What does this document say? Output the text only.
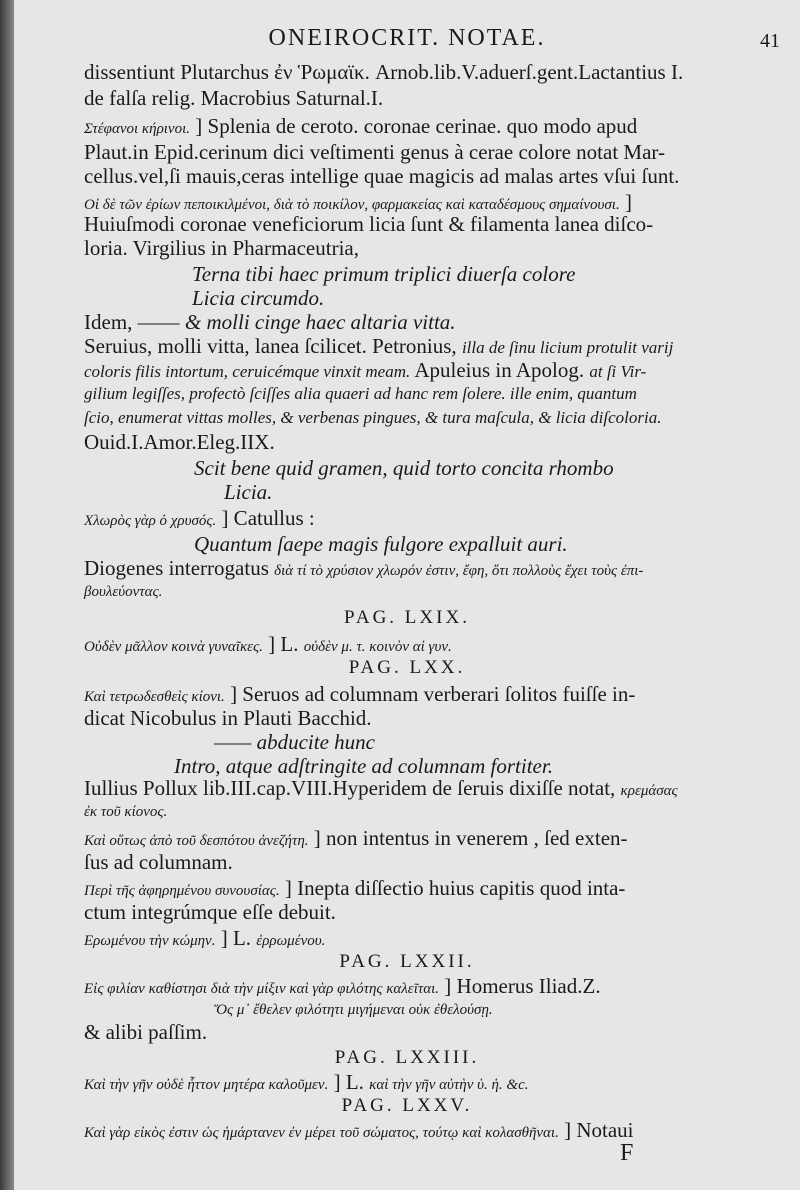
ONEIROCRIT. NOTAE.	41
dissentiunt Plutarchus ἐν Ῥωμαϊκ. Arnob.lib.V.aduerſ.gent.Lactantius I.
de falſa relig. Macrobius Saturnal.I.
Στέφανοι κήρινοι. ] Splenia de ceroto. coronae cerinae. quo modo apud
Plaut.in Epid.cerinum dici veſtimenti genus à cerae colore notat Mar-
cellus.vel,ſi mauis,ceras intellige quae magicis ad malas artes vſui ſunt.
Οἱ δὲ τῶν ἐρίων πεποικιλμένοι, διὰ τὸ ποικίλον, φαρμακείας καὶ καταδέσμους σημαίνουσι. ]
Huiuſmodi coronae veneficiorum licia ſunt & filamenta lanea diſco-
loria. Virgilius in Pharmaceutria,
Terna tibi haec primum triplici diuerſa colore
Licia circumdo.
Idem, —— & molli cinge haec altaria vitta.
Seruius, molli vitta, lanea ſcilicet. Petronius, illa de ſinu licium protulit varij
coloris filis intortum, ceruicémque vinxit meam. Apuleius in Apolog. at ſi Vir-
gilium legiſſes, profectò ſciſſes alia quaeri ad hanc rem ſolere. ille enim, quantum
ſcio, enumerat vittas molles, & verbenas pingues, & tura maſcula, & licia diſcoloria.
Ouid.I.Amor.Eleg.IIX.
Scit bene quid gramen, quid torto concita rhombo
Licia.
Χλωρὸς γὰρ ὁ χρυσός. ] Catullus :
Quantum ſaepe magis fulgore expalluit auri.
Diogenes interrogatus διὰ τί τὸ χρύσιον χλωρόν ἐστιν, ἔφη, ὅτι πολλοὺς ἔχει τοὺς ἐπι-
βουλεύοντας.
PAG. LXIX.
Οὐδὲν μᾶλλον κοινὰ γυναῖκες. ] L. οὐδὲν μ. τ. κοινὸν αἱ γυν.
PAG. LXX.
Καὶ τετρωδεσθεὶς κίονι. ] Seruos ad columnam verberari ſolitos fuiſſe in-
dicat Nicobulus in Plauti Bacchid.
—— abducite hunc
Intro, atque adſtringite ad columnam fortiter.
Iullius Pollux lib.III.cap.VIII.Hyperidem de ſeruis dixiſſe notat, κρεμάσας
ἐκ τοῦ κίονος.
Καὶ οὕτως ἀπὸ τοῦ δεσπότου ἀνεζήτη. ] non intentus in venerem , ſed exten-
ſus ad columnam.
Περὶ τῆς ἀφηρημένου συνουσίας. ] Inepta diſſectio huius capitis quod inta-
ctum integrúmque eſſe debuit.
Ερωμένου τὴν κώμην. ] L. ἐρρωμένου.
PAG. LXXII.
Εἰς φιλίαν καθίστησι διὰ τὴν μίξιν καὶ γὰρ φιλότης καλεῖται. ] Homerus Iliad.Z.
Ὅς μ᾽ ἔθελεν φιλότητι μιγήμεναι οὐκ ἐθελούσῃ.
& alibi paſſim.
PAG. LXXIII.
Καὶ τὴν γῆν οὐδὲ ἧττον μητέρα καλοῦμεν. ] L. καὶ τὴν γῆν αὐτὴν ὑ. ἡ. &c.
PAG. LXXV.
Καὶ γὰρ εἰκὸς ἐστιν ὡς ἡμάρτανεν ἐν μέρει τοῦ σώματος, τούτῳ καὶ κολασθῆναι. ] Notaui
F
